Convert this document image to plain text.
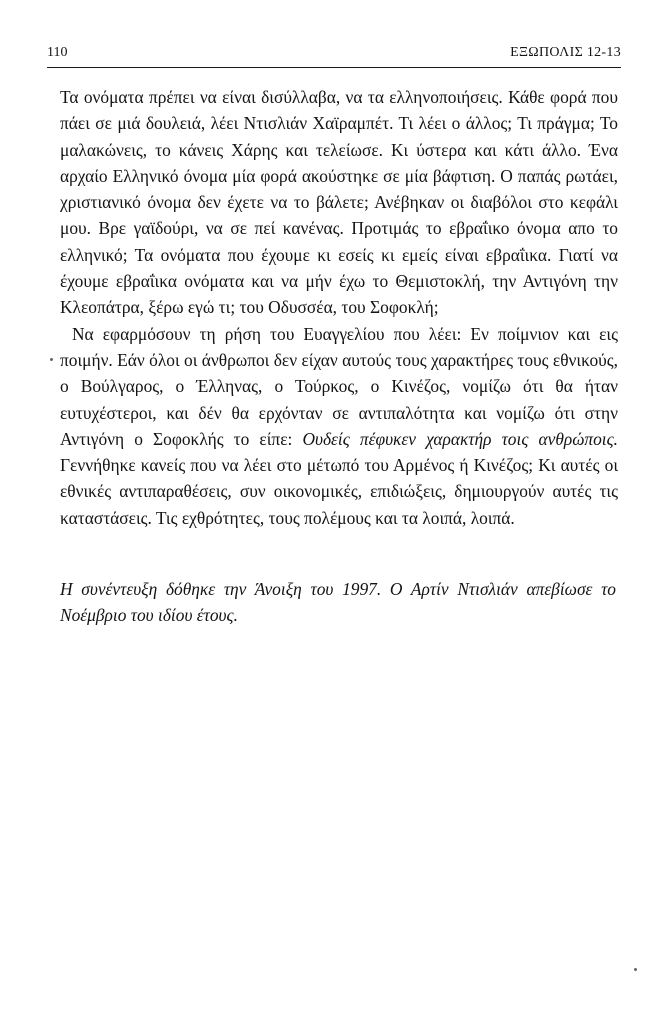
110	ΕΞΩΠΟΛΙΣ 12-13

Τα ονόματα πρέπει να είναι δισύλλαβα, να τα ελληνοποιήσεις. Κάθε φορά που πάει σε μιά δουλειά, λέει Ντισλιάν Χαϊραμπέτ. Τι λέει ο άλλος; Τι πράγμα; Το μαλακώνεις, το κάνεις Χάρης και τελείωσε. Κι ύστερα και κάτι άλλο. Ένα αρχαίο Ελληνικό όνομα μία φορά ακούστηκε σε μία βάφτιση. Ο παπάς ρωτάει, χριστιανικό όνομα δεν έχετε να το βάλετε; Ανέβηκαν οι διαβόλοι στο κεφάλι μου. Βρε γαϊδούρι, να σε πεί κανένας. Προτιμάς το εβραΐικο όνομα απο το ελληνικό; Τα ονόματα που έχουμε κι εσείς κι εμείς είναι εβραΐικα. Γιατί να έχουμε εβραΐικα ονόματα και να μήν έχω το Θεμιστοκλή, την Αντιγόνη την Κλεοπάτρα, ξέρω εγώ τι; του Οδυσσέα, του Σοφοκλή;

Να εφαρμόσουν τη ρήση του Ευαγγελίου που λέει: Εν ποίμνιον και εις ποιμήν. Εάν όλοι οι άνθρωποι δεν είχαν αυτούς τους χαρακτήρες τους εθνικούς, ο Βούλγαρος, ο Έλληνας, ο Τούρκος, ο Κινέζος, νομίζω ότι θα ήταν ευτυχέστεροι, και δέν θα ερχόνταν σε αντιπαλότητα και νομίζω ότι στην Αντιγόνη ο Σοφοκλής το είπε: Ουδείς πέφυκεν χαρακτήρ τοις ανθρώποις. Γεννήθηκε κανείς που να λέει στο μέτωπό του Αρμένος ή Κινέζος; Κι αυτές οι εθνικές αντιπαραθέσεις, συν οικονομικές, επιδιώξεις, δημιουργούν αυτές τις καταστάσεις. Τις εχθρότητες, τους πολέμους και τα λοιπά, λοιπά.

Η συνέντευξη δόθηκε την Άνοιξη του 1997. Ο Αρτίν Ντισλιάν απεβίωσε το Νοέμβριο του ιδίου έτους.
